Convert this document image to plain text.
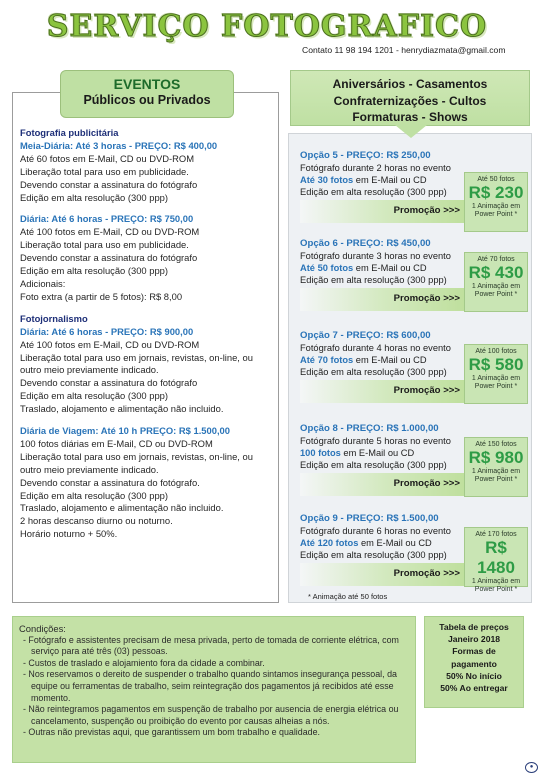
SERVIÇO FOTOGRAFICO
Contato 11 98 194 1201 - henrydiazmata@gmail.com
EVENTOS
Públicos ou Privados
Fotografia publicitária
Meia-Diária: Até 3 horas - PREÇO: R$ 400,00
Até 60 fotos em E-Mail, CD ou DVD-ROM
Liberação total para uso em publicidade.
Devendo constar a assinatura do fotógrafo
Edição em alta resolução (300 ppp)
Diária: Até 6 horas - PREÇO: R$ 750,00
Até 100 fotos em E-Mail, CD ou DVD-ROM
Liberação total para uso em publicidade.
Devendo constar a assinatura do fotógrafo
Edição em alta resolução (300 ppp)
Adicionais:
Foto extra (a partir de 5 fotos): R$ 8,00
Fotojornalismo
Diária: Até 6 horas - PREÇO: R$ 900,00
Até 100 fotos em E-Mail, CD ou DVD-ROM
Liberação total para uso em jornais, revistas, on-line, ou
outro meio previamente indicado.
Devendo constar a assinatura do fotógrafo
Edição em alta resolução (300 ppp)
Traslado, alojamento e alimentação não incluido.
Diária de Viagem: Até 10 h PREÇO: R$ 1.500,00
100 fotos diárias em E-Mail, CD ou DVD-ROM
Liberação total para uso em jornais, revistas, on-line, ou
outro meio previamente indicado.
Devendo constar a assinatura do fotógrafo.
Edição em alta resolução (300 ppp)
Traslado, alojamento e alimentação não incluido.
2 horas descanso diurno ou noturno.
Horário noturno + 50%.
Aniversários - Casamentos
Confraternizações - Cultos
Formaturas - Shows
Opção 5 - PREÇO: R$ 250,00
Fotógrafo durante 2 horas no evento
Até 30 fotos em E-Mail ou CD
Edição em alta resolução (300 ppp)
Promoção >>>
Até 50 fotos
R$ 230
1 Animação em
Power Point *
Opção 6 - PREÇO: R$ 450,00
Fotógrafo durante 3 horas no evento
Até 50 fotos em E-Mail ou CD
Edição em alta resolução (300 ppp)
Promoção >>>
Até 70 fotos
R$ 430
1 Animação em
Power Point *
Opção 7 - PREÇO: R$ 600,00
Fotógrafo durante 4 horas no evento
Até 70 fotos em E-Mail ou CD
Edição em alta resolução (300 ppp)
Promoção >>>
Até 100 fotos
R$ 580
1 Animação em
Power Point *
Opção 8 - PREÇO: R$ 1.000,00
Fotógrafo durante 5 horas no evento
100 fotos em E-Mail ou CD
Edição em alta resolução (300 ppp)
Promoção >>>
Até 150 fotos
R$ 980
1 Animação em
Power Point *
Opção 9 - PREÇO: R$ 1.500,00
Fotógrafo durante 6 horas no evento
Até 120 fotos em E-Mail ou CD
Edição em alta resolução (300 ppp)
Promoção >>>
Até 170 fotos
R$ 1480
1 Animação em
Power Point *
* Animação até 50 fotos
Condições:
- Fotógrafo e assistentes precisam de mesa privada, perto de tomada de corriente elétrica, com serviço para até três (03) pessoas.
- Custos de traslado e alojamiento fora da cidade a combinar.
- Nos reservamos o dereito de suspender o trabalho quando sintamos insegurança pessoal, da equipe ou ferramentas de trabalho, seim reintegração dos pagamentos já recibidos até esse momento.
- Não reintegramos pagamentos em suspenção de trabalho por ausencia de energia elétrica ou cancelamento, suspenção ou proibição do evento por causas alheias a nós.
- Outras não previstas aqui, que garantissem um bom trabalho e qualidade.
Tabela de preços
Janeiro 2018
Formas de
pagamento
50% No início
50% Ao entregar
●
